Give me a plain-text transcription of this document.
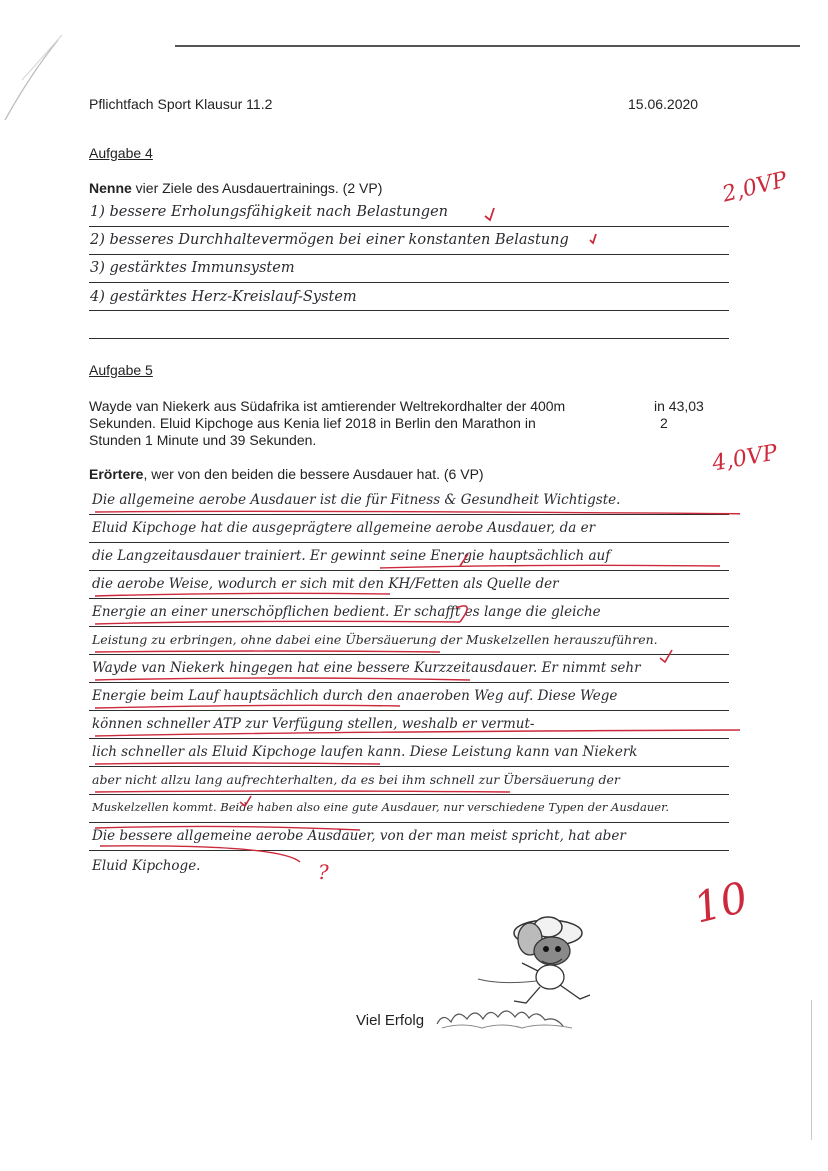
Pflichtfach Sport Klausur 11.2	15.06.2020
Aufgabe 4
Nenne vier Ziele des Ausdauertrainings. (2 VP)	2,0VP
1) bessere Erholungsfähigkeit nach Belastungen
2) besseres Durchhaltevermögen bei einer konstanten Belastung
3) gestärktes Immunsystem
4) gestärktes Herz-Kreislauf-System
Aufgabe 5
Wayde van Niekerk aus Südafrika ist amtierender Weltrekordhalter der 400m	in 43,03
Sekunden. Eluid Kipchoge aus Kenia lief 2018 in Berlin den Marathon in	2
Stunden 1 Minute und 39 Sekunden.
Erörtere, wer von den beiden die bessere Ausdauer hat. (6 VP)	4,0VP
Die allgemeine aerobe Ausdauer ist die für Fitness & Gesundheit Wichtigste.
Eluid Kipchoge hat die ausgeprägtere allgemeine aerobe Ausdauer, da er
die Langzeitausdauer trainiert. Er gewinnt seine Energie hauptsächlich auf
die aerobe Weise, wodurch er sich mit den KH/Fetten als Quelle der
Energie an einer unerschöpflichen bedient. Er schafft es lange die gleiche
Leistung zu erbringen, ohne dabei eine Übersäuerung der Muskelzellen herauszuführen.
Wayde van Niekerk hingegen hat eine bessere Kurzzeitausdauer. Er nimmt sehr
Energie beim Lauf hauptsächlich durch den anaeroben Weg auf. Diese Wege
können schneller ATP zur Verfügung stellen, weshalb er vermut-
lich schneller als Eluid Kipchoge laufen kann. Diese Leistung kann van Niekerk
aber nicht allzu lang aufrechterhalten, da es bei ihm schnell zur Übersäuerung der
Muskelzellen kommt. Beide haben also eine gute Ausdauer, nur verschiedene Typen der Ausdauer.
Die bessere allgemeine aerobe Ausdauer, von der man meist spricht, hat aber
Eluid Kipchoge.	?
10
Viel Erfolg
